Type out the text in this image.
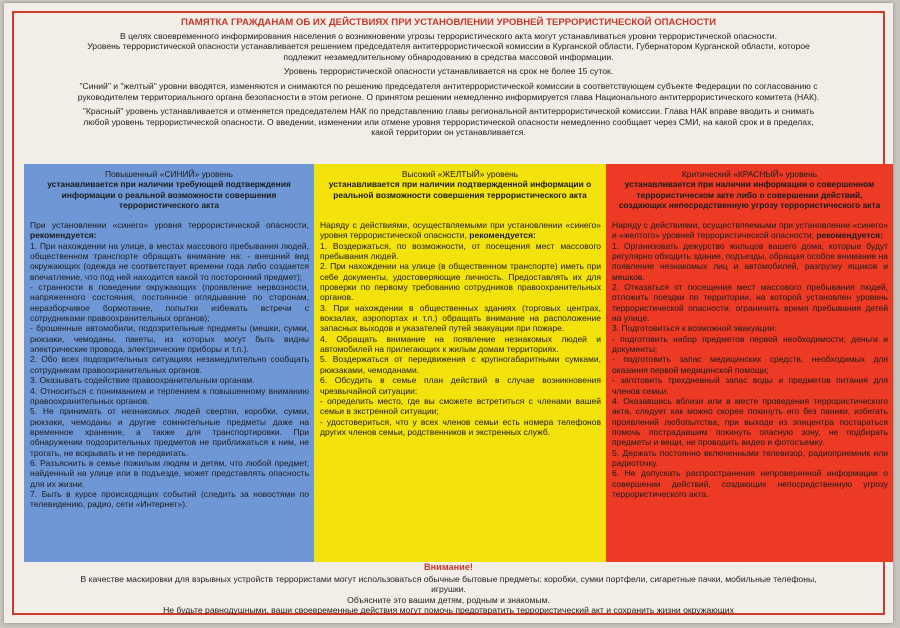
ПАМЯТКА ГРАЖДАНАМ ОБ ИХ ДЕЙСТВИЯХ ПРИ УСТАНОВЛЕНИИ УРОВНЕЙ ТЕРРОРИСТИЧЕСКОЙ ОПАСНОСТИ

В целях своевременного информирования населения о возникновении угрозы террористического акта могут устанавливаться уровни террористической опасности.

Уровень террористической опасности устанавливается решением председателя антитеррористической комиссии в Курганской области, Губернатором Курганской области, которое

подлежит незамедлительному обнародованию в средства массовой информации.

Уровень террористической опасности устанавливается на срок не более 15 суток.

"Синий" и "желтый" уровни вводятся, изменяются и снимаются по решению председателя антитеррористической комиссии в соответствующем субъекте Федерации по согласованию с

руководителем территориального органа безопасности в этом регионе. О принятом решении немедленно информируется глава Национального антитеррористического комитета (НАК).

"Красный" уровень устанавливается и отменяется председателем НАК по представлению главы региональной антитеррористической комиссии. Глава НАК вправе вводить и снимать

любой уровень террористической опасности. О введении, изменении или отмене уровня террористической опасности немедленно сообщает через СМИ, на какой срок и в пределах,

какой территории он устанавливается.

Повышенный «СИНИЙ» уровень
устанавливается при наличии требующей подтверждения информации о реальной возможности совершения террористического акта

При установлении «синего» уровня террористической опасности, рекомендуется:

1. При нахождении на улице, в местах массового пребывания людей, общественном транспорте обращать внимание на: - внешний вид окружающих (одежда не соответствует времени года либо создается впечатление, что под ней находится какой то посторонний предмет);

- странности в поведении окружающих (проявление нервозности, напряженного состояния, постоянное оглядывание по сторонам, неразборчивое бормотание, попытки избежать встречи с сотрудниками правоохранительных органов);

- брошенные автомобили, подозрительные предметы (мешки, сумки, рюкзаки, чемоданы, пакеты, из которых могут быть видны электрические провода, электрические приборы и т.п.).

2. Обо всех подозрительных ситуациях незамедлительно сообщать сотрудникам правоохранительных органов.

3. Оказывать содействие правоохранительным органам.

4. Относиться с пониманием и терпением к повышенному вниманию правоохранительных органов.

5. Не принимать от незнакомых людей свертки, коробки, сумки, рюкзаки, чемоданы и другие сомнительные предметы даже на временное хранение, а также для транспортировки. При обнаружении подозрительных предметов не приближаться к ним, не трогать, не вскрывать и не передвигать.

6. Разъяснить в семье пожилым людям и детям, что любой предмет, найденный на улице или в подъезде, может представлять опасность для их жизни.

7. Быть в курсе происходящих событий (следить за новостями по телевидению, радио, сети «Интернет»).

Высокий «ЖЕЛТЫЙ» уровень
устанавливается при наличии подтвержденной информации о реальной возможности совершения террористического акта

Наряду с действиями, осуществляемыми при установлении «синего» уровня террористической опасности, рекомендуется:

1. Воздержаться, по возможности, от посещения мест массового пребывания людей.

2. При нахождении на улице (в общественном транспорте) иметь при себе документы, удостоверяющие личность. Предоставлять их для проверки по первому требованию сотрудников правоохранительных органов.

3. При нахождении в общественных зданиях (торговых центрах, вокзалах, аэропортах и т.п.) обращать внимание на расположение запасных выходов и указателей путей эвакуации при пожаре.

4. Обращать внимание на появление незнакомых людей и автомобилей на прилегающих к жилым домам территориях.

5. Воздержаться от передвижения с крупногабаритными сумками, рюкзаками, чемоданами.

6. Обсудить в семье план действий в случае возникновения чрезвычайной ситуации:

- определить место, где вы сможете встретиться с членами вашей семьи в экстренной ситуации;

- удостовериться, что у всех членов семьи есть номера телефонов других членов семьи, родственников и экстренных служб.

Критический «КРАСНЫЙ» уровень
устанавливается при наличии информации о совершенном террористическом акте либо о совершении действий, создающих непосредственную угрозу террористического акта

Наряду с действиями, осуществляемыми при установлении «синего» и «желтого» уровней террористической опасности, рекомендуется:

1. Организовать дежурство жильцов вашего дома, которые будут регулярно обходить здание, подъезды, обращая особое внимание на появление незнакомых лиц и автомобилей, разгрузку ящиков и мешков.

2. Отказаться от посещения мест массового пребывания людей, отложить поездки по территории, на которой установлен уровень террористической опасности, ограничить время пребывания детей на улице.

3. Подготовиться к возможной эвакуации:

- подготовить набор предметов первой необходимости, деньги и документы;

- подготовить запас медицинских средств, необходимых для оказания первой медицинской помощи;

- заготовить трехдневный запас воды и предметов питания для членов семьи.

4. Оказавшись вблизи или в месте проведения террористического акта, следует как можно скорее покинуть его без паники, избегать проявлений любопытства, при выходе из эпицентра постараться помочь пострадавшим покинуть опасную зону, не подбирать предметы и вещи, не проводить видео и фотосъемку.

5. Держать постоянно включенными телевизор, радиоприемник или радиоточку.

6. Не допускать распространения непроверенной информации о совершении действий, создающих непосредственную угрозу террористического акта.

Внимание!

В качестве маскировки для взрывных устройств террористами могут использоваться обычные бытовые предметы: коробки, сумки портфели, сигаретные пачки, мобильные телефоны,

игрушки.

Объясните это вашим детям, родным и знакомым.

Не будьте равнодушными, ваши своевременные действия могут помочь предотвратить террористический акт и сохранить жизни окружающих
